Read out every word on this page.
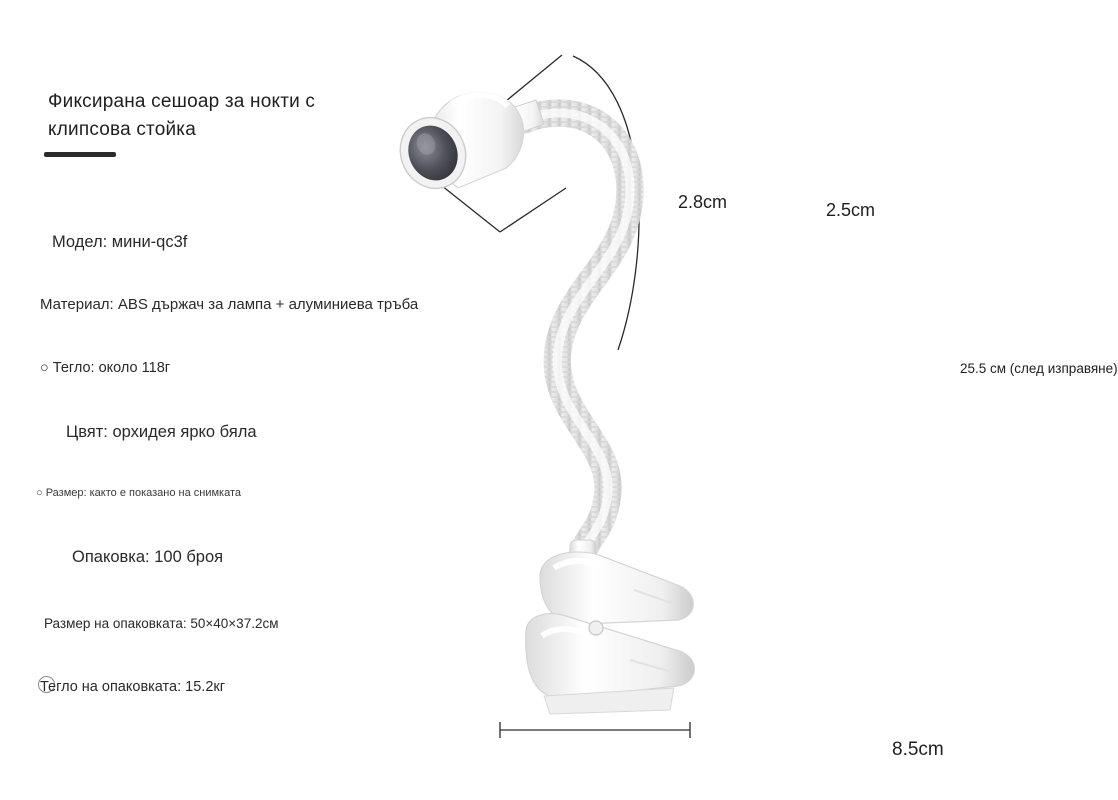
Фиксирана сешоар за нокти с клипсова стойка
Модел: мини-qc3f
Материал: ABS държач за лампа + алуминиева тръба
○ Тегло: около 118г
Цвят: орхидея ярко бяла
○ Размер: както е показано на снимката
Опаковка: 100 броя
Размер на опаковката: 50×40×37.2см
Тегло на опаковката: 15.2кг
2.8cm	2.5cm
8.5cm
25.5 см (след изправяне)
